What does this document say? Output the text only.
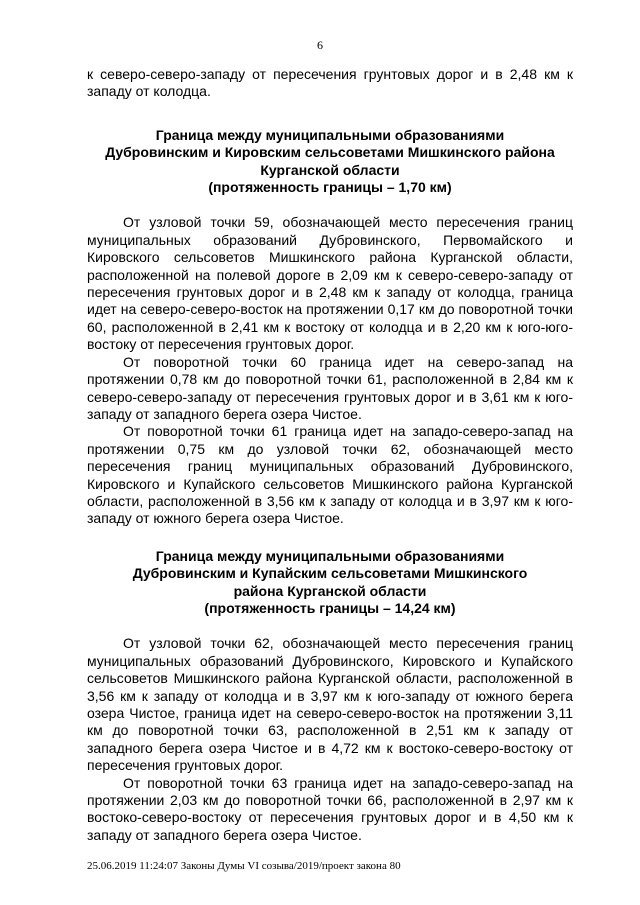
6

к северо-северо-западу от пересечения грунтовых дорог и в 2,48 км к западу от колодца.

Граница между муниципальными образованиями
Дубровинским и Кировским сельсоветами Мишкинского района
Курганской области
(протяженность границы – 1,70 км)

От узловой точки 59, обозначающей место пересечения границ муниципальных образований Дубровинского, Первомайского и Кировского сельсоветов Мишкинского района Курганской области, расположенной на полевой дороге в 2,09 км к северо-северо-западу от пересечения грунтовых дорог и в 2,48 км к западу от колодца, граница идет на северо-северо-восток на протяжении 0,17 км до поворотной точки 60, расположенной в 2,41 км к востоку от колодца и в 2,20 км к юго-юго-востоку от пересечения грунтовых дорог.

От поворотной точки 60 граница идет на северо-запад на протяжении 0,78 км до поворотной точки 61, расположенной в 2,84 км к северо-северо-западу от пересечения грунтовых дорог и в 3,61 км к юго-западу от западного берега озера Чистое.

От поворотной точки 61 граница идет на западо-северо-запад на протяжении 0,75 км до узловой точки 62, обозначающей место пересечения границ муниципальных образований Дубровинского, Кировского и Купайского сельсоветов Мишкинского района Курганской области, расположенной в 3,56 км к западу от колодца и в 3,97 км к юго-западу от южного берега озера Чистое.

Граница между муниципальными образованиями
Дубровинским и Купайским сельсоветами Мишкинского
района Курганской области
(протяженность границы – 14,24 км)

От узловой точки 62, обозначающей место пересечения границ муниципальных образований Дубровинского, Кировского и Купайского сельсоветов Мишкинского района Курганской области, расположенной в 3,56 км к западу от колодца и в 3,97 км к юго-западу от южного берега озера Чистое, граница идет на северо-северо-восток на протяжении 3,11 км до поворотной точки 63, расположенной в 2,51 км к западу от западного берега озера Чистое и в 4,72 км к востоко-северо-востоку от пересечения грунтовых дорог.

От поворотной точки 63 граница идет на западо-северо-запад на протяжении 2,03 км до поворотной точки 66, расположенной в 2,97 км к востоко-северо-востоку от пересечения грунтовых дорог и в 4,50 км к западу от западного берега озера Чистое.

25.06.2019 11:24:07 Законы Думы VI созыва/2019/проект закона 80
